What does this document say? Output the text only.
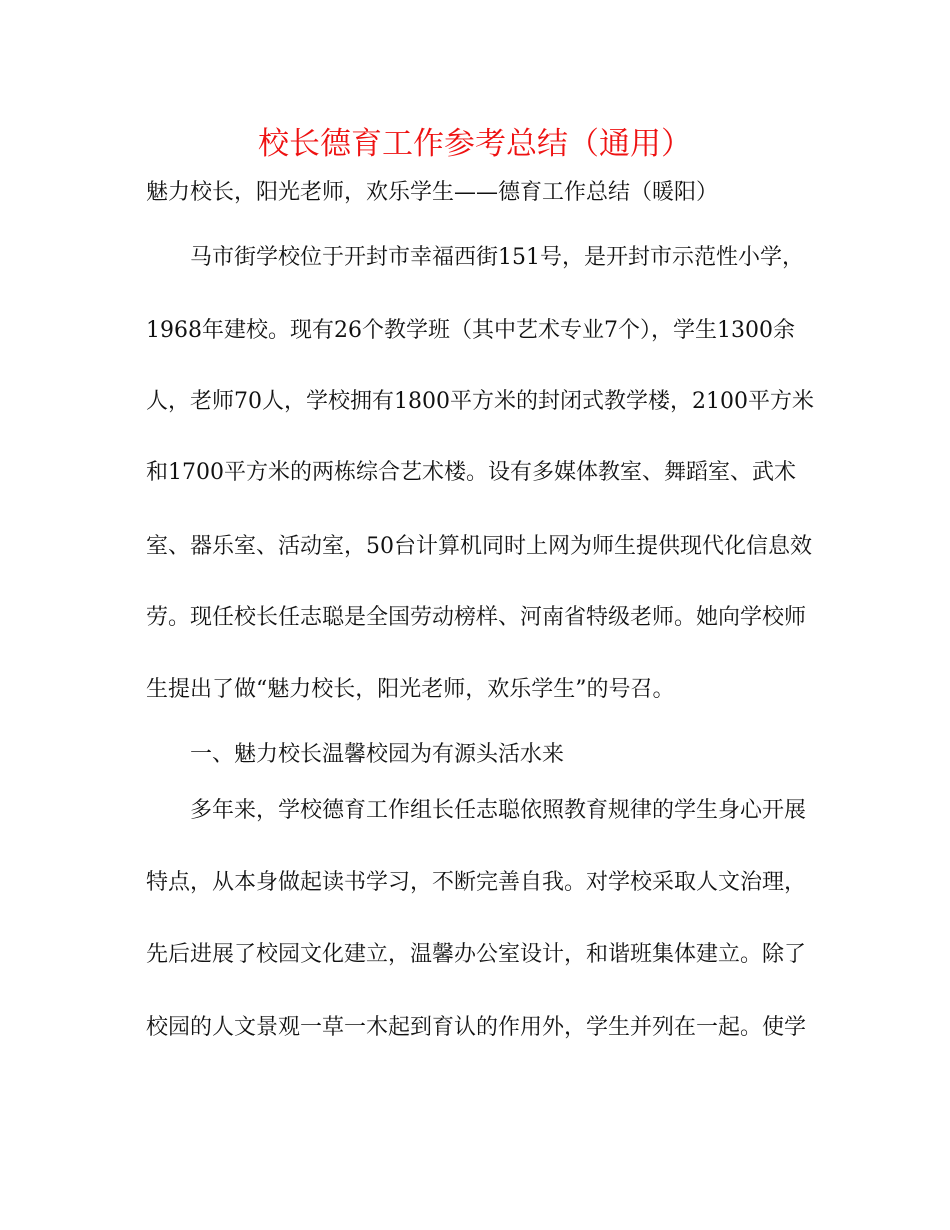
校长德育工作参考总结（通用）
魅力校长，阳光老师，欢乐学生——德育工作总结（暖阳）
马市街学校位于开封市幸福西街151号，是开封市示范性小学，
1968年建校。现有26个教学班（其中艺术专业7个），学生1300余
人，老师70人，学校拥有1800平方米的封闭式教学楼，2100平方米
和1700平方米的两栋综合艺术楼。设有多媒体教室、舞蹈室、武术
室、器乐室、活动室，50台计算机同时上网为师生提供现代化信息效
劳。现任校长任志聪是全国劳动榜样、河南省特级老师。她向学校师
生提出了做“魅力校长，阳光老师，欢乐学生”的号召。
一、魅力校长温馨校园为有源头活水来
多年来，学校德育工作组长任志聪依照教育规律的学生身心开展
特点，从本身做起读书学习，不断完善自我。对学校采取人文治理，
先后进展了校园文化建立，温馨办公室设计，和谐班集体建立。除了
校园的人文景观一草一木起到育认的作用外，学生并列在一起。使学
